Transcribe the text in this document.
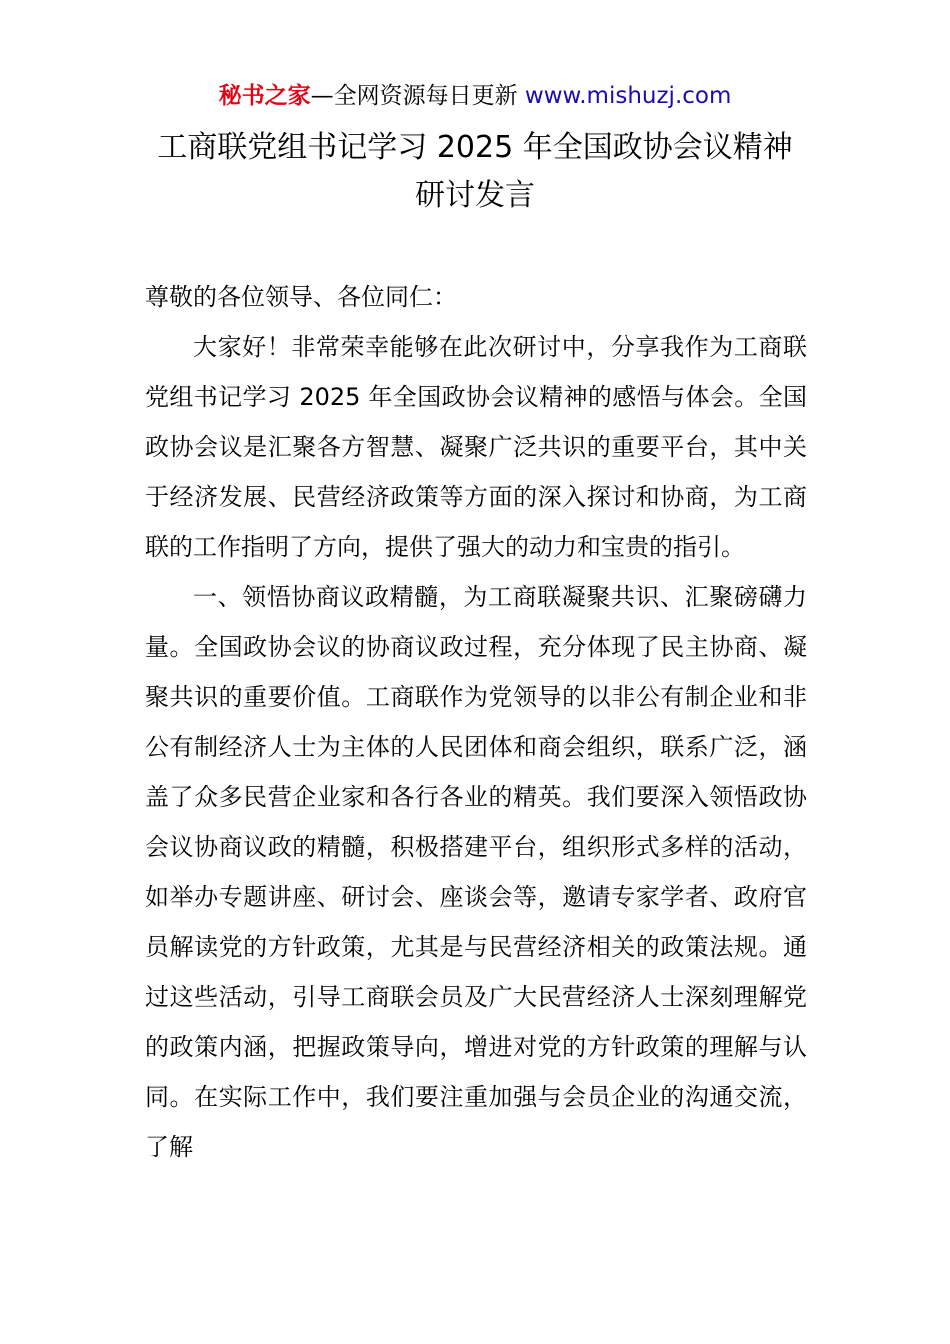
秘书之家—全网资源每日更新 www.mishuzj.com
工商联党组书记学习 2025 年全国政协会议精神
研讨发言

尊敬的各位领导、各位同仁：

大家好！非常荣幸能够在此次研讨中，分享我作为工商联党组书记学习 2025 年全国政协会议精神的感悟与体会。全国政协会议是汇聚各方智慧、凝聚广泛共识的重要平台，其中关于经济发展、民营经济政策等方面的深入探讨和协商，为工商联的工作指明了方向，提供了强大的动力和宝贵的指引。

一、领悟协商议政精髓，为工商联凝聚共识、汇聚磅礴力量。全国政协会议的协商议政过程，充分体现了民主协商、凝聚共识的重要价值。工商联作为党领导的以非公有制企业和非公有制经济人士为主体的人民团体和商会组织，联系广泛，涵盖了众多民营企业家和各行各业的精英。我们要深入领悟政协会议协商议政的精髓，积极搭建平台，组织形式多样的活动，如举办专题讲座、研讨会、座谈会等，邀请专家学者、政府官员解读党的方针政策，尤其是与民营经济相关的政策法规。通过这些活动，引导工商联会员及广大民营经济人士深刻理解党的政策内涵，把握政策导向，增进对党的方针政策的理解与认同。在实际工作中，我们要注重加强与会员企业的沟通交流，了解
